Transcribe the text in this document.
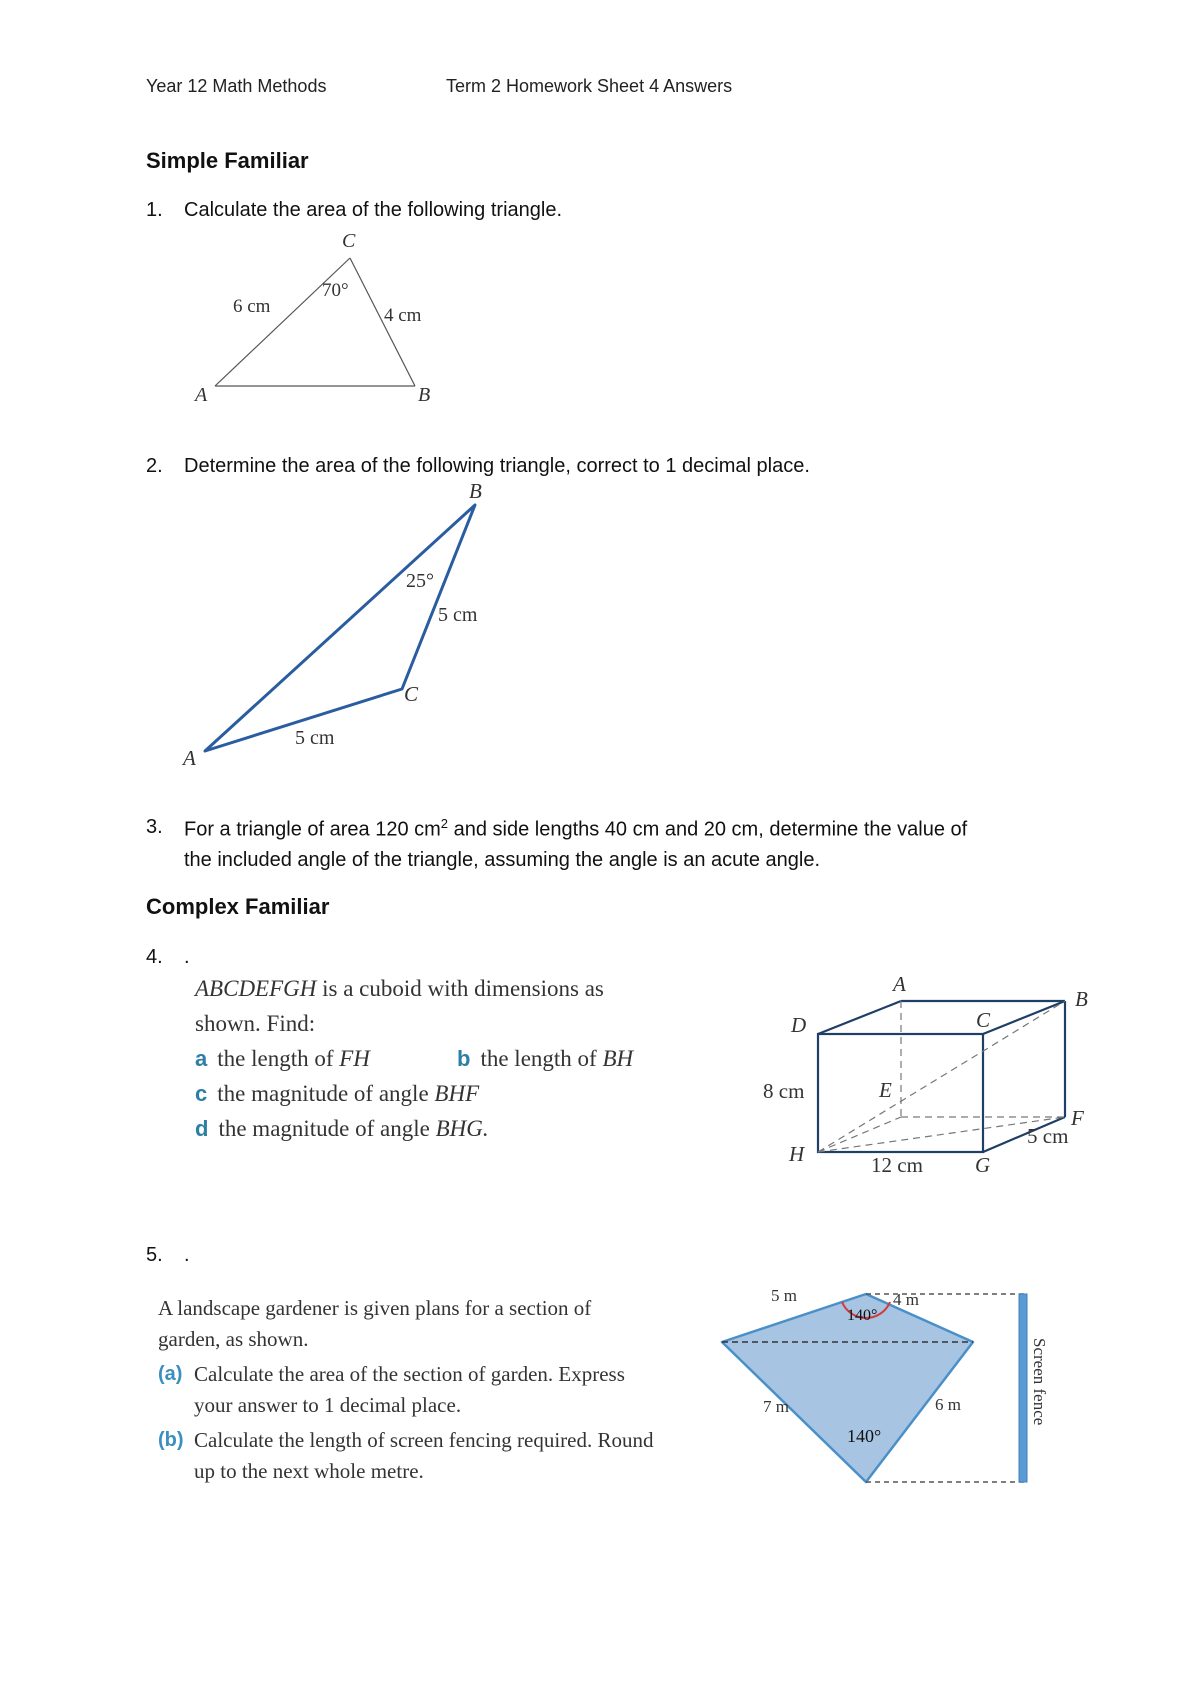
Year 12 Math Methods	Term 2 Homework Sheet 4 Answers
Simple Familiar
1. Calculate the area of the following triangle.
C
A	B
6 cm	4 cm
70°
2. Determine the area of the following triangle, correct to 1 decimal place.
B
A
C
25°
5 cm
5 cm
3. For a triangle of area 120 $cm^2$ and side lengths 40 cm and 20 cm, determine the value of
the included angle of the triangle, assuming the angle is an acute angle.
Complex Familiar
4. .
ABCDEFGH is a cuboid with dimensions as
shown. Find:
a the length of FH	b the length of BH
c the magnitude of angle BHF
d the magnitude of angle BHG.
A
B
C
D
E
F
G
H
8 cm
12 cm
5 cm
5. .
A landscape gardener is given plans for a section of
garden, as shown.
(a) Calculate the area of the section of garden. Express
your answer to 1 decimal place.
(b) Calculate the length of screen fencing required. Round
up to the next whole metre.
Screen fence
140°
140°
5 m	4 m
7 m	6 m
